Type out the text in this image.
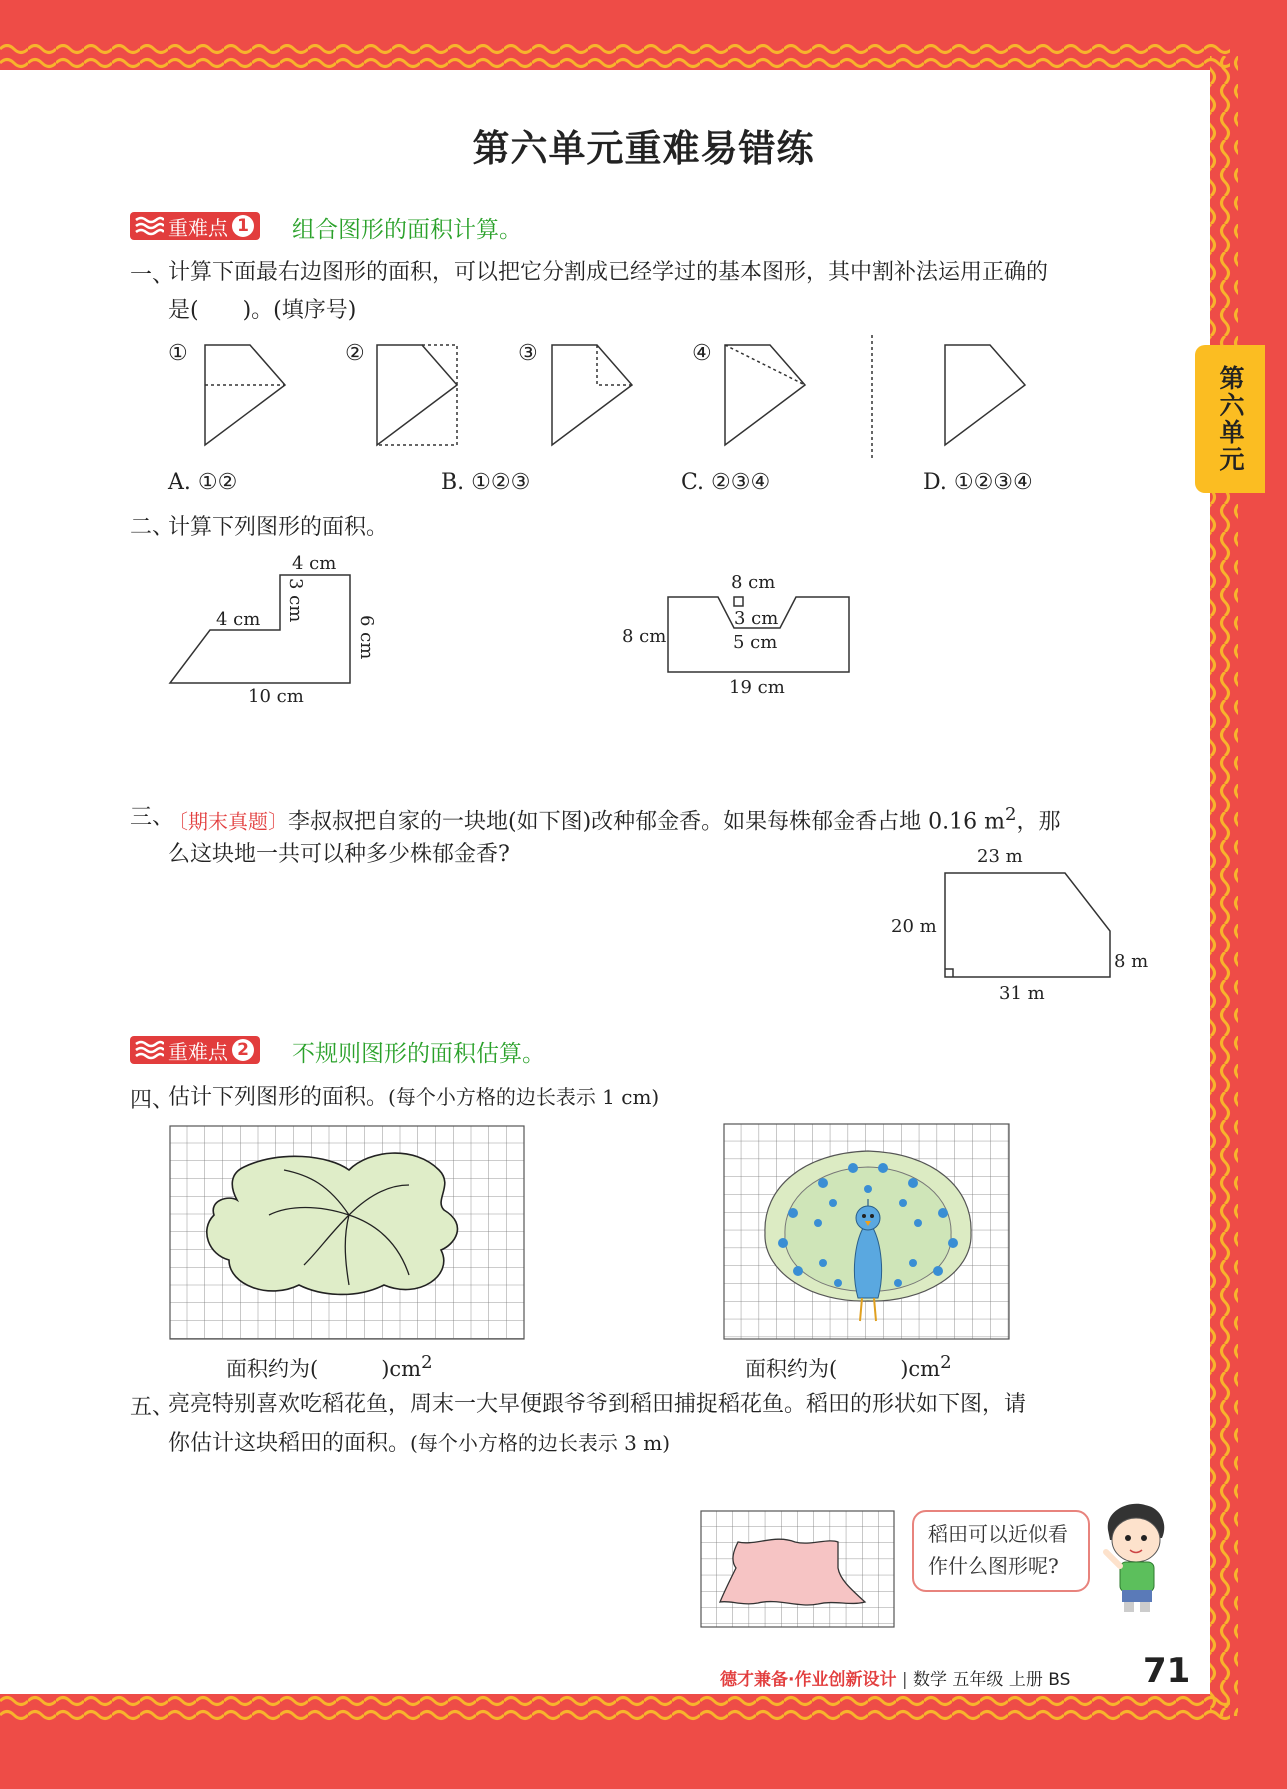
第六单元重难易错练
第六单元
重难点 1 组合图形的面积计算。
一、
计算下面最右边图形的面积，可以把它分割成已经学过的基本图形，其中割补法运用正确的
是(　　)。(填序号)
①	②	③	④
A. ①②	B. ①②③	C. ②③④	D. ①②③④
二、
计算下列图形的面积。
4 cm
3 cm
4 cm	6 cm
10 cm
8 cm
3 cm
5 cm
8 cm
19 cm
三、
〔期末真题〕李叔叔把自家的一块地(如下图)改种郁金香。如果每株郁金香占地 0.16 $m^2$，那
么这块地一共可以种多少株郁金香?	23 m
20 m
8 m
31 m
重难点 2 不规则图形的面积估算。
四、
估计下列图形的面积。(每个小方格的边长表示 1 cm)
面积约为(　　　)$cm^2$	面积约为(　　　)$cm^2$
五、
亮亮特别喜欢吃稻花鱼，周末一大早便跟爷爷到稻田捕捉稻花鱼。稻田的形状如下图，请
你估计这块稻田的面积。(每个小方格的边长表示 3 m)
稻田可以近似看
作什么图形呢?
德才兼备·作业创新设计 | 数学 五年级 上册 BS 71
